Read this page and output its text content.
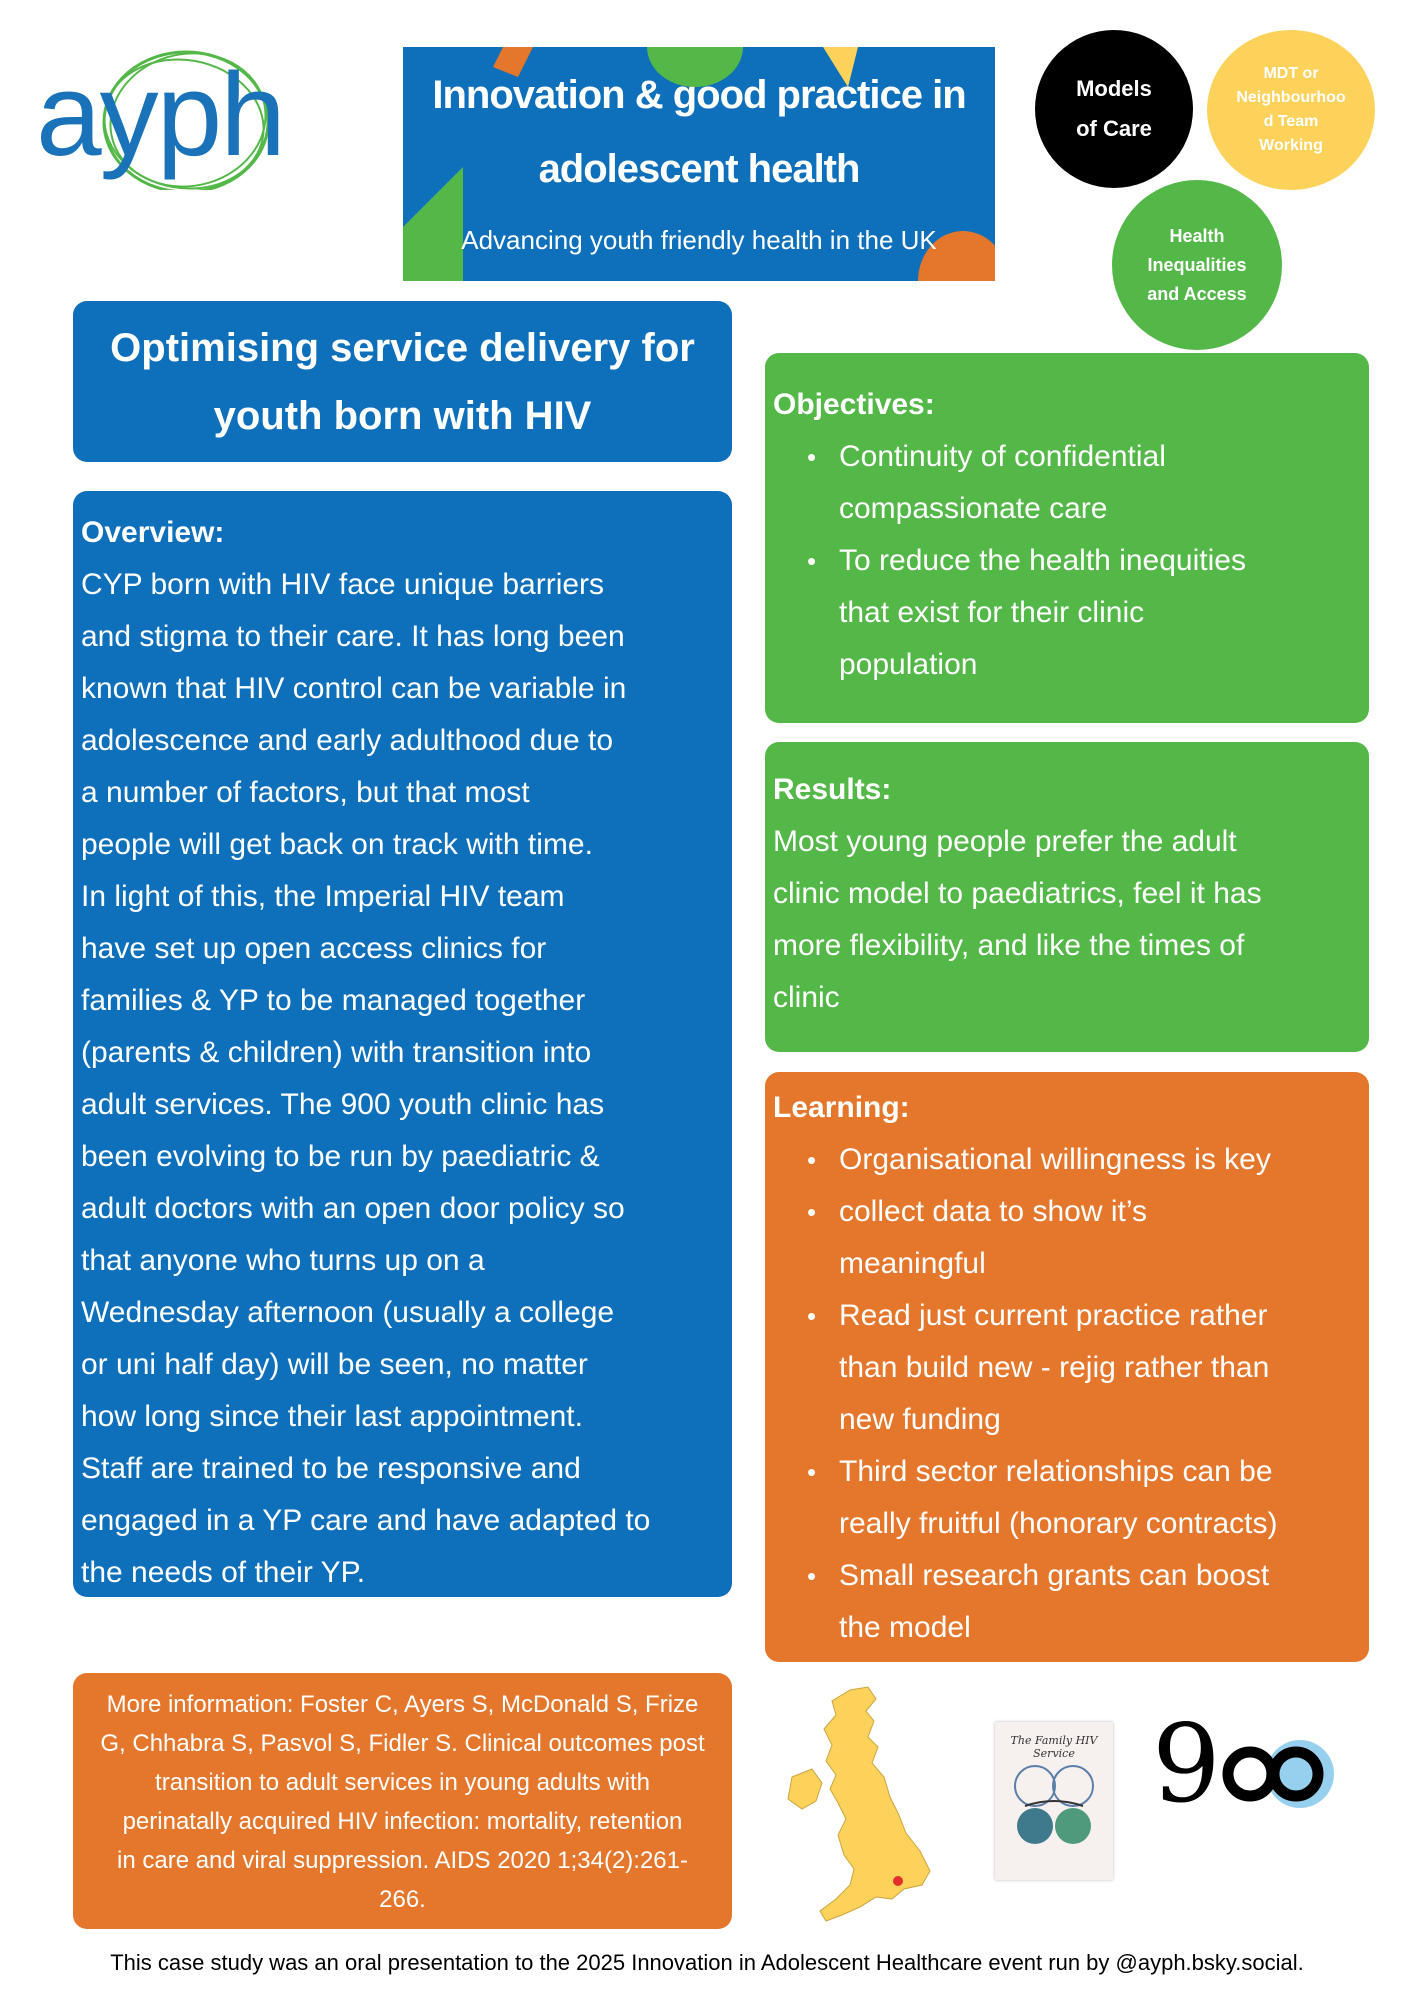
ayph	Innovation & good practice in
adolescent health
Advancing youth friendly health in the UK
Models
of Care
MDT or
Neighbourhoo
d Team
Working
Health
Inequalities
and Access
Optimising service delivery for
youth born with HIV
Overview:
CYP born with HIV face unique barriers
and stigma to their care. It has long been
known that HIV control can be variable in
adolescence and early adulthood due to
a number of factors, but that most
people will get back on track with time.
In light of this, the Imperial HIV team
have set up open access clinics for
families & YP to be managed together
(parents & children) with transition into
adult services. The 900 youth clinic has
been evolving to be run by paediatric &
adult doctors with an open door policy so
that anyone who turns up on a
Wednesday afternoon (usually a college
or uni half day) will be seen, no matter
how long since their last appointment.
Staff are trained to be responsive and
engaged in a YP care and have adapted to
the needs of their YP.
Objectives:
• Continuity of confidential
compassionate care
• To reduce the health inequities
that exist for their clinic
population
Results:
Most young people prefer the adult
clinic model to paediatrics, feel it has
more flexibility, and like the times of
clinic
Learning:
• Organisational willingness is key
• collect data to show it’s
meaningful
• Read just current practice rather
than build new - rejig rather than
new funding
• Third sector relationships can be
really fruitful (honorary contracts)
• Small research grants can boost
the model
More information: Foster C, Ayers S, McDonald S, Frize
G, Chhabra S, Pasvol S, Fidler S. Clinical outcomes post
transition to adult services in young adults with
perinatally acquired HIV infection: mortality, retention
in care and viral suppression. AIDS 2020 1;34(2):261-
266.
The Family HIV Service 9
This case study was an oral presentation to the 2025 Innovation in Adolescent Healthcare event run by @ayph.bsky.social.
